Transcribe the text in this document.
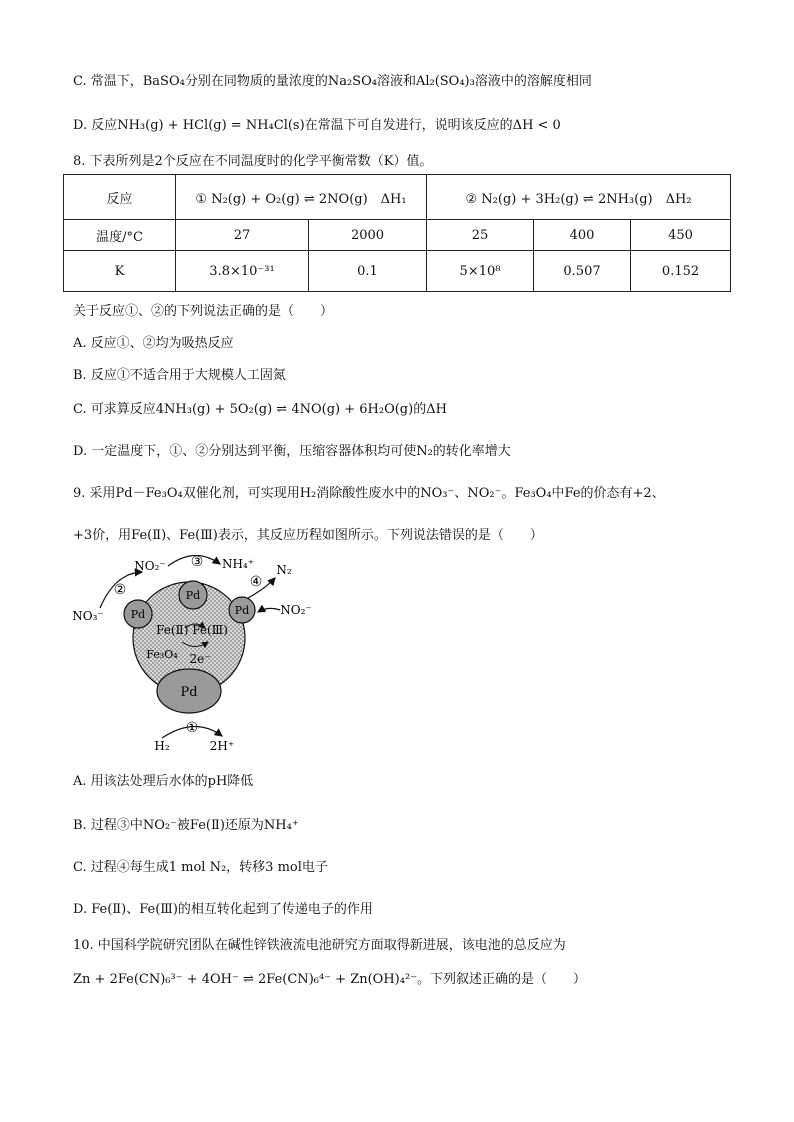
C. 常温下，BaSO₄分别在同物质的量浓度的Na₂SO₄溶液和Al₂(SO₄)₃溶液中的溶解度相同
D. 反应NH₃(g) + HCl(g) = NH₄Cl(s)在常温下可自发进行，说明该反应的ΔH < 0
8. 下表所列是2个反应在不同温度时的化学平衡常数（K）值。
反应	① N₂(g) + O₂(g) ⇌ 2NO(g)　ΔH₁		② N₂(g) + 3H₂(g) ⇌ 2NH₃(g)　ΔH₂		
温度/°C	27	2000	25	400	450
K	3.8×10⁻³¹	0.1	5×10⁸	0.507	0.152
关于反应①、②的下列说法正确的是（　　）
A. 反应①、②均为吸热反应
B. 反应①不适合用于大规模人工固氮
C. 可求算反应4NH₃(g) + 5O₂(g) ⇌ 4NO(g) + 6H₂O(g)的ΔH
D. 一定温度下，①、②分别达到平衡，压缩容器体积均可使N₂的转化率增大
9. 采用Pd－Fe₃O₄双催化剂，可实现用H₂消除酸性废水中的NO₃⁻、NO₂⁻。Fe₃O₄中Fe的价态有+2、
+3价，用Fe(Ⅱ)、Fe(Ⅲ)表示，其反应历程如图所示。下列说法错误的是（　　）
Pd
Pd
Pd
Pd
Fe(Ⅱ) Fe(Ⅲ)
Fe₃O₄ 2e⁻
NO₂⁻ ③ NH₄⁺
④
N₂
②
NO₃⁻	NO₂⁻
①
H₂	2H⁺
A. 用该法处理后水体的pH降低
B. 过程③中NO₂⁻被Fe(Ⅱ)还原为NH₄⁺
C. 过程④每生成1 mol N₂，转移3 mol电子
D. Fe(Ⅱ)、Fe(Ⅲ)的相互转化起到了传递电子的作用
10. 中国科学院研究团队在碱性锌铁液流电池研究方面取得新进展，该电池的总反应为
Zn + 2Fe(CN)₆³⁻ + 4OH⁻ ⇌ 2Fe(CN)₆⁴⁻ + Zn(OH)₄²⁻。下列叙述正确的是（　　）
